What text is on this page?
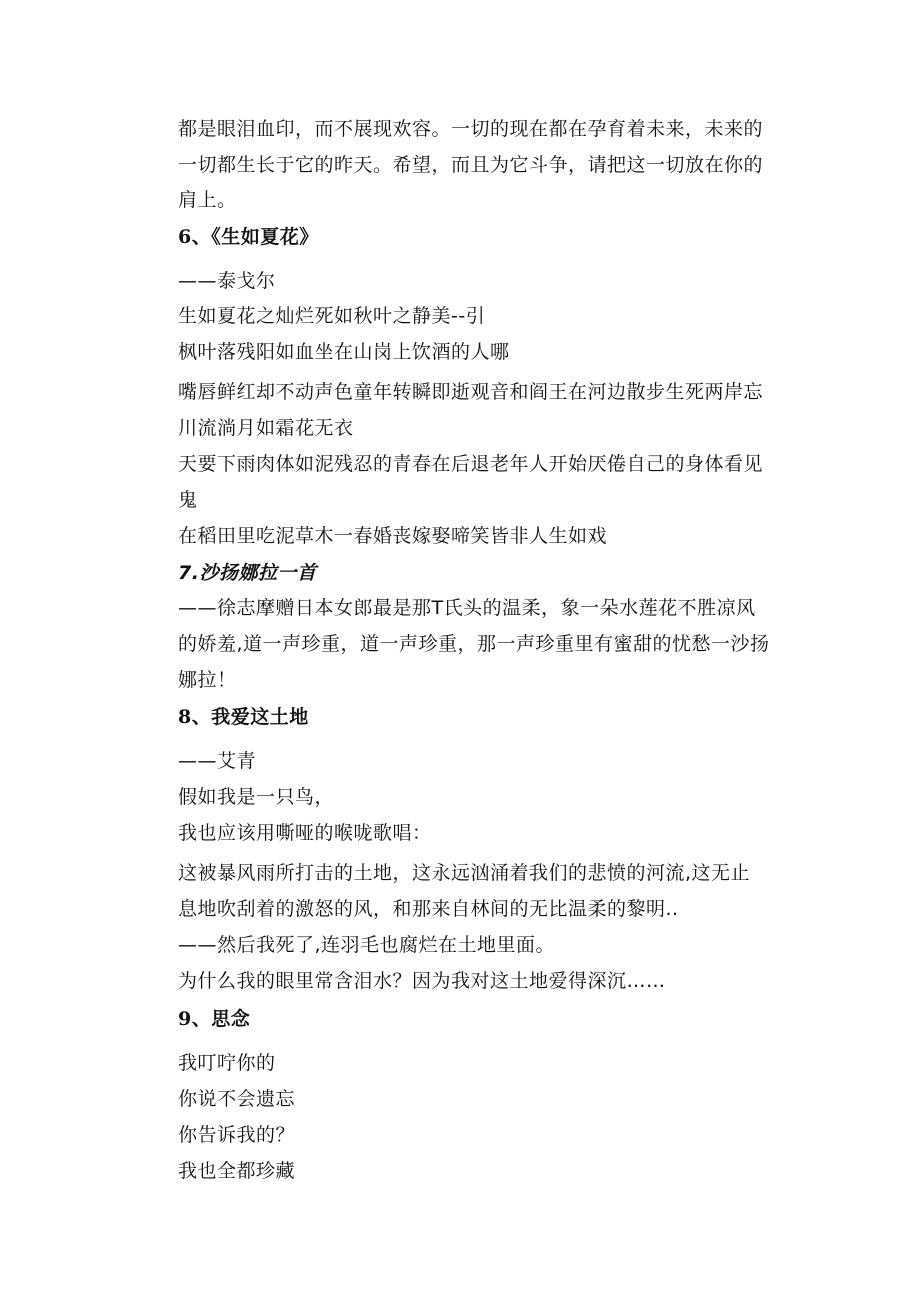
都是眼泪血印，而不展现欢容。一切的现在都在孕育着未来，未来的

一切都生长于它的昨天。希望，而且为它斗争，请把这一切放在你的

肩上。

6、《生如夏花》

——泰戈尔

生如夏花之灿烂死如秋叶之静美--引

枫叶落残阳如血坐在山岗上饮酒的人哪

嘴唇鲜红却不动声色童年转瞬即逝观音和阎王在河边散步生死两岸忘

川流淌月如霜花无衣

天要下雨肉体如泥残忍的青春在后退老年人开始厌倦自己的身体看见

鬼

在稻田里吃泥草木一春婚丧嫁娶啼笑皆非人生如戏

7.沙扬娜拉一首

——徐志摩赠日本女郎最是那T氏头的温柔，象一朵水莲花不胜凉风

的娇羞,道一声珍重，道一声珍重，那一声珍重里有蜜甜的忧愁一沙扬

娜拉！

8、我爱这土地

——艾青

假如我是一只鸟，

我也应该用嘶哑的喉咙歌唱：

这被暴风雨所打击的土地，这永远汹涌着我们的悲愤的河流,这无止

息地吹刮着的激怒的风，和那来自林间的无比温柔的黎明..

——然后我死了,连羽毛也腐烂在土地里面。

为什么我的眼里常含泪水？因为我对这土地爱得深沉……

9、思念

我叮咛你的

你说不会遗忘

你告诉我的？

我也全都珍藏
